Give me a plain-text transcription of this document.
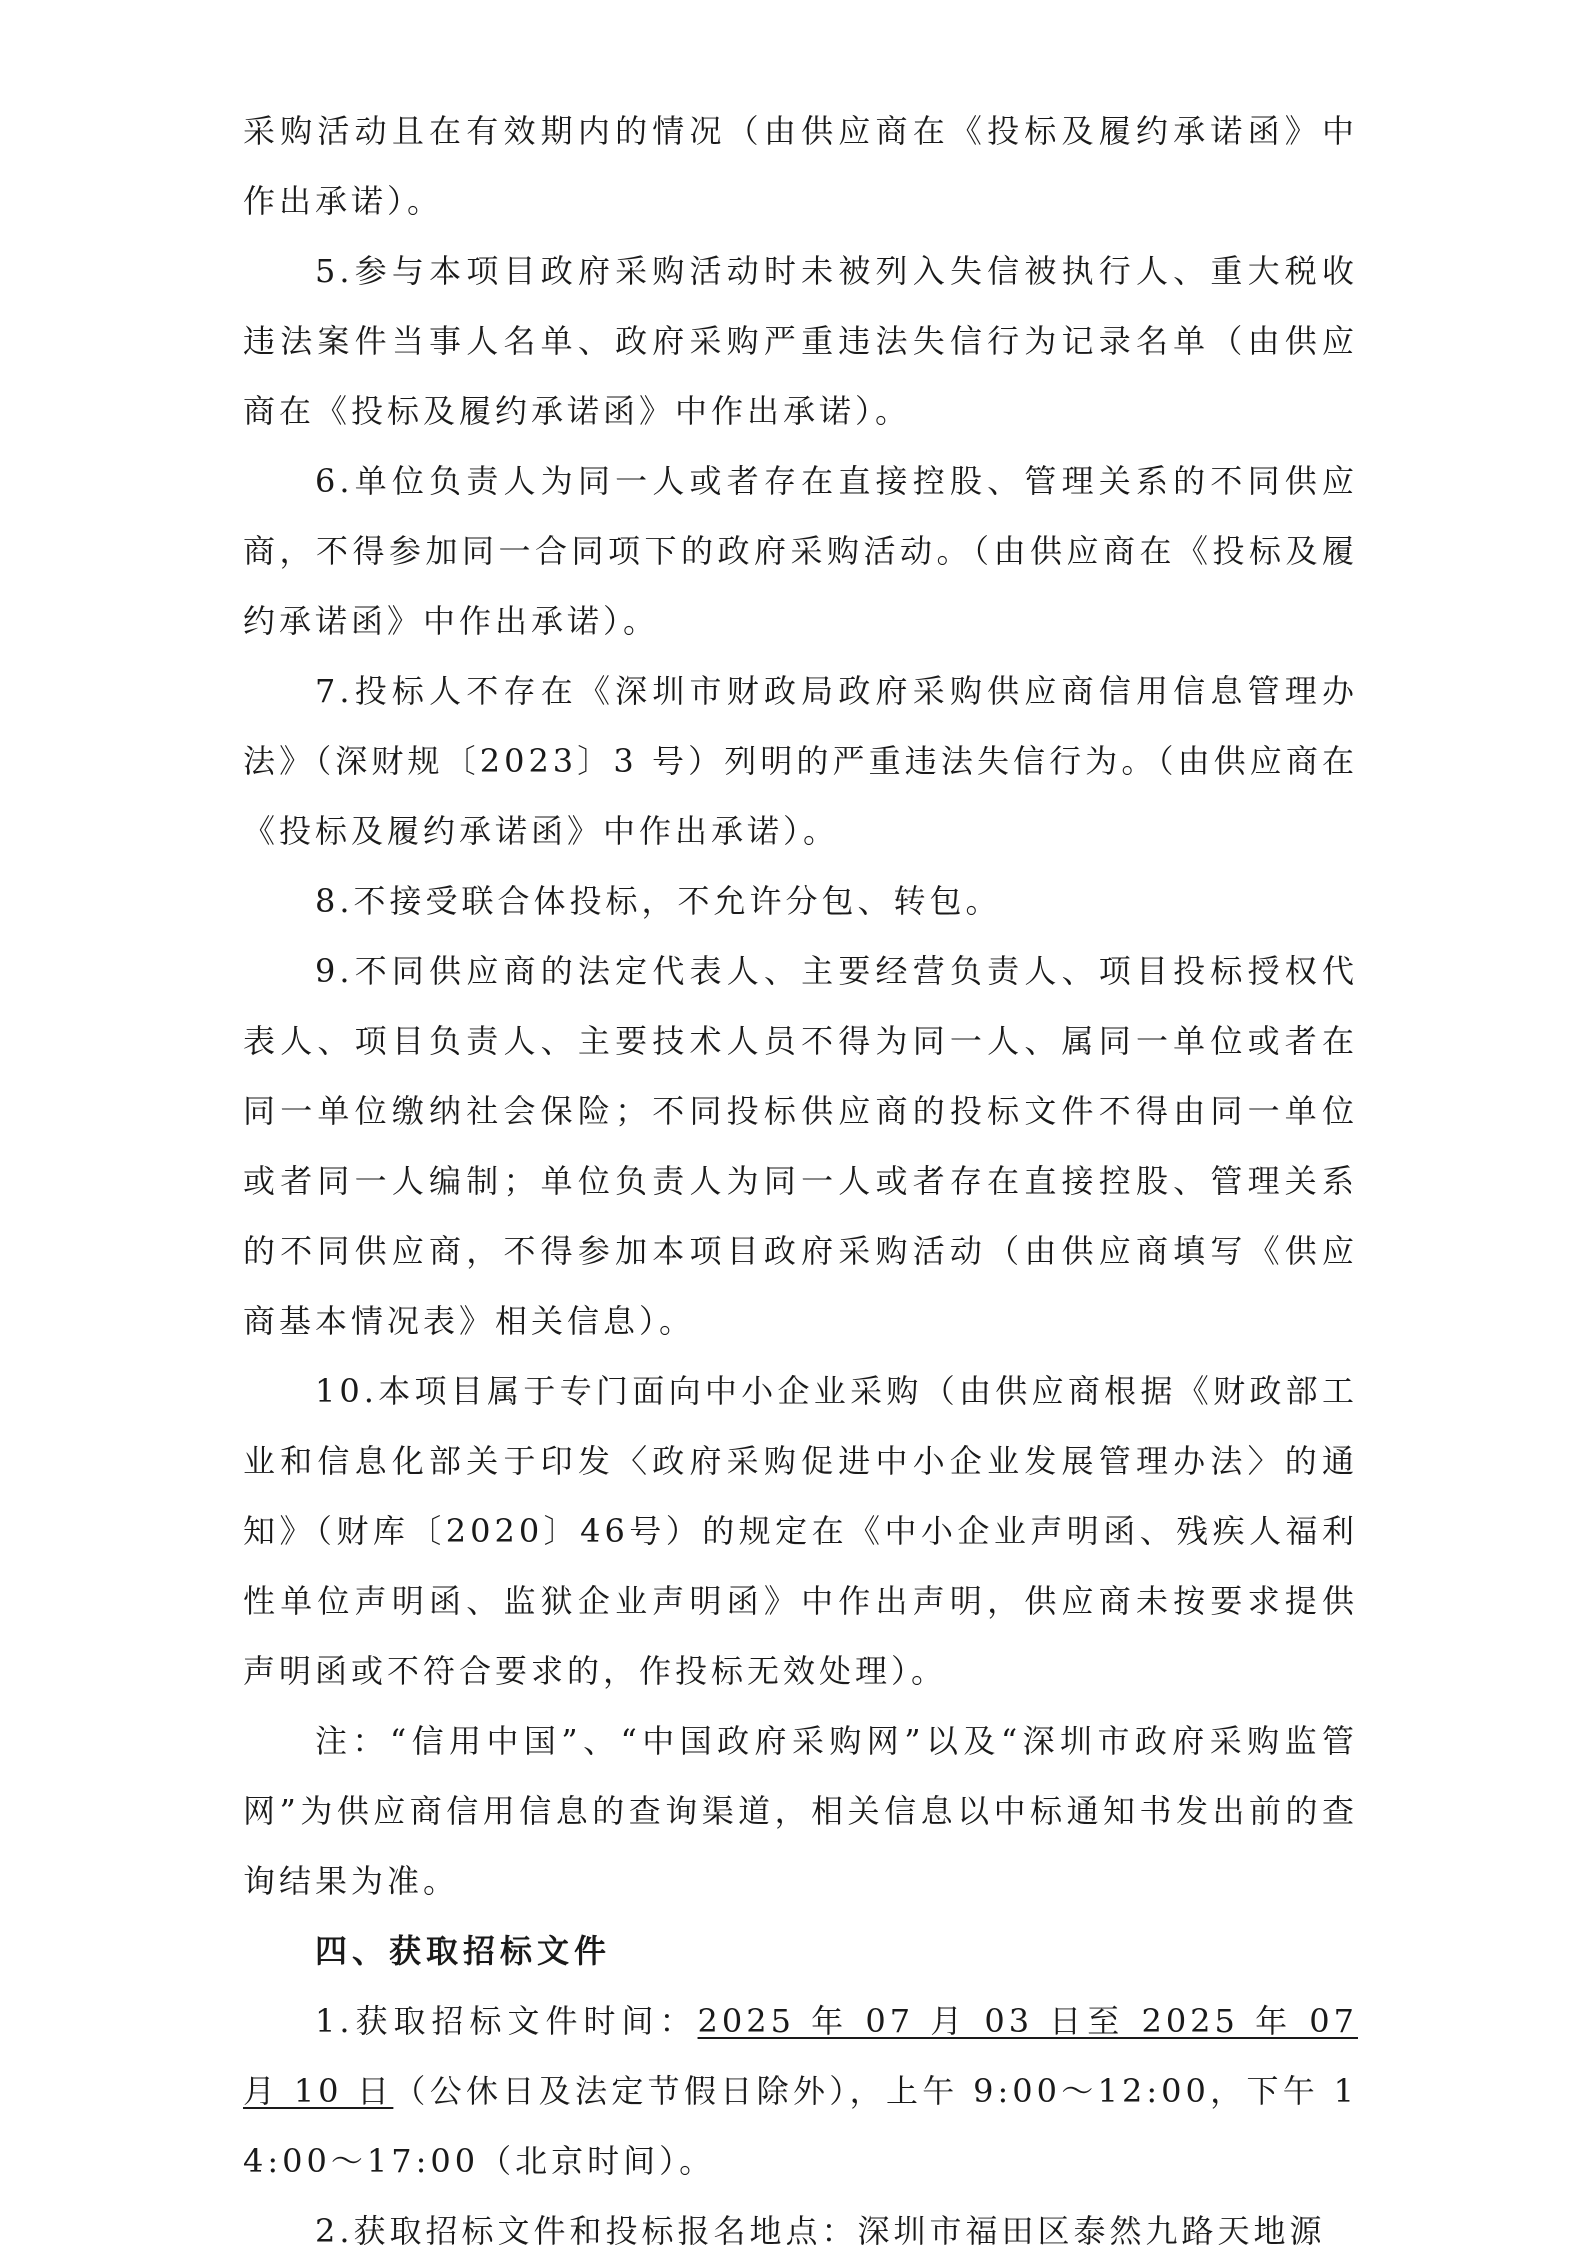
采购活动且在有效期内的情况（由供应商在《投标及履约承诺函》中作出承诺）。

5.参与本项目政府采购活动时未被列入失信被执行人、重大税收违法案件当事人名单、政府采购严重违法失信行为记录名单（由供应商在《投标及履约承诺函》中作出承诺）。

6.单位负责人为同一人或者存在直接控股、管理关系的不同供应商，不得参加同一合同项下的政府采购活动。（由供应商在《投标及履约承诺函》中作出承诺）。

7.投标人不存在《深圳市财政局政府采购供应商信用信息管理办法》（深财规〔2023〕3 号）列明的严重违法失信行为。（由供应商在《投标及履约承诺函》中作出承诺）。

8.不接受联合体投标，不允许分包、转包。

9.不同供应商的法定代表人、主要经营负责人、项目投标授权代表人、项目负责人、主要技术人员不得为同一人、属同一单位或者在同一单位缴纳社会保险；不同投标供应商的投标文件不得由同一单位或者同一人编制；单位负责人为同一人或者存在直接控股、管理关系的不同供应商，不得参加本项目政府采购活动（由供应商填写《供应商基本情况表》相关信息）。

10.本项目属于专门面向中小企业采购（由供应商根据《财政部工业和信息化部关于印发〈政府采购促进中小企业发展管理办法〉的通知》（财库〔2020〕46号）的规定在《中小企业声明函、残疾人福利性单位声明函、监狱企业声明函》中作出声明，供应商未按要求提供声明函或不符合要求的，作投标无效处理）。

注：“信用中国”、“中国政府采购网”以及“深圳市政府采购监管网”为供应商信用信息的查询渠道，相关信息以中标通知书发出前的查询结果为准。

四、获取招标文件

1.获取招标文件时间：2025 年 07 月 03 日至 2025 年 07 月 10 日（公休日及法定节假日除外），上午 9:00～12:00，下午 14:00～17:00（北京时间）。

2.获取招标文件和投标报名地点：深圳市福田区泰然九路天地源
